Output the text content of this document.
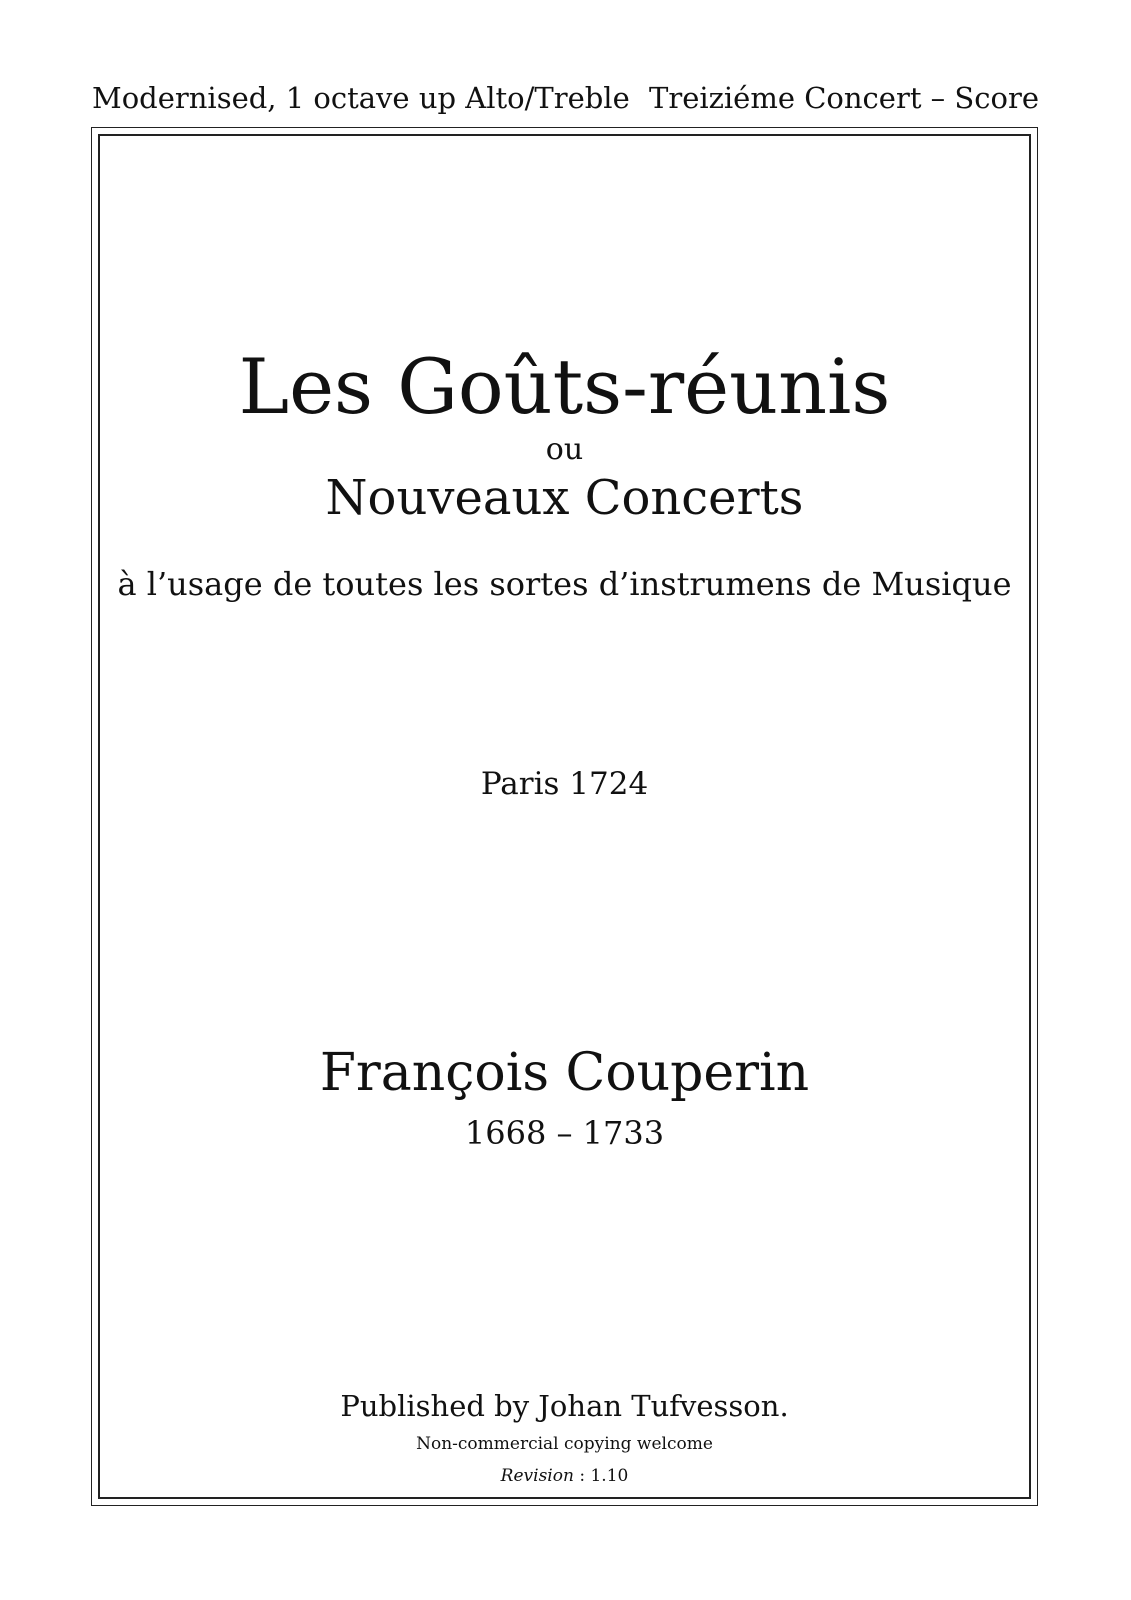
Modernised, 1 octave up Alto/Treble Treiziéme Concert – Score
Les Goûts-réunis
ou
Nouveaux Concerts
à l’usage de toutes les sortes d’instrumens de Musique
Paris 1724
François Couperin
1668 – 1733
Published by Johan Tufvesson.
Non-commercial copying welcome
Revision : 1.10
